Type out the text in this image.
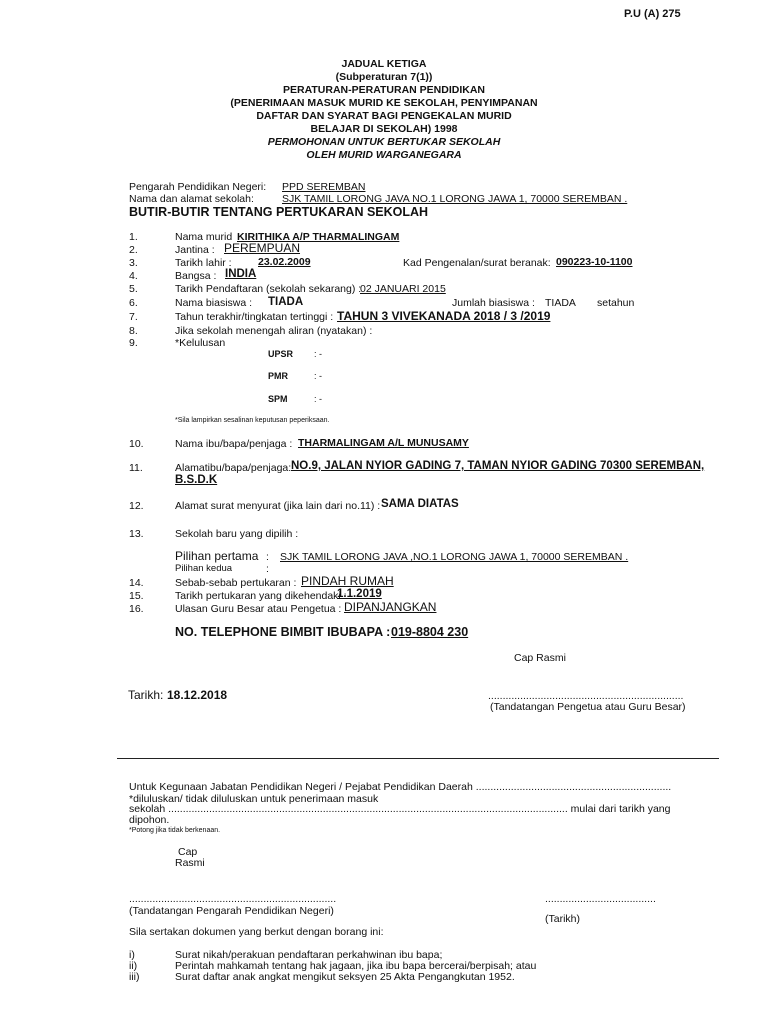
P.U (A) 275
JADUAL KETIGA
(Subperaturan 7(1))
PERATURAN-PERATURAN PENDIDIKAN
(PENERIMAAN MASUK MURID KE SEKOLAH, PENYIMPANAN
DAFTAR DAN SYARAT BAGI PENGEKALAN MURID
BELAJAR DI SEKOLAH) 1998
PERMOHONAN UNTUK BERTUKAR SEKOLAH
OLEH MURID WARGANEGARA
Pengarah Pendidikan Negeri: PPD SEREMBAN
Nama dan alamat sekolah:	SJK TAMIL LORONG JAVA NO.1 LORONG JAWA 1, 70000 SEREMBAN .
BUTIR-BUTIR TENTANG PERTUKARAN SEKOLAH
1.	Nama murid KIRITHIKA A/P THARMALINGAM
2.	Jantina : PEREMPUAN
3.	Tarikh lahir :	23.02.2009	Kad Pengenalan/surat beranak: 090223-10-1100
4.	Bangsa : INDIA
5.	Tarikh Pendaftaran (sekolah sekarang) :
02 JANUARI 2015
6.	Nama biasiswa : TIADA	Jumlah biasiswa : TIADA setahun
7.	Tahun terakhir/tingkatan tertinggi : TAHUN 3 VIVEKANADA 2018 / 3 /2019
8.	Jika sekolah menengah aliran (nyatakan) :
9.	*Kelulusan
UPSR : -
PMR	: -
SPM	: -
*Sila lampirkan sesalinan keputusan peperiksaan.
10.	Nama ibu/bapa/penjaga : THARMALINGAM A/L MUNUSAMY
11.	Alamatibu/bapa/penjaga: NO.9, JALAN NYIOR GADING 7, TAMAN NYIOR GADING 70300 SEREMBAN,
B.S.D.K
12.	Alamat surat menyurat (jika lain dari no.11) : SAMA DIATAS
13.	Sekolah baru yang dipilih :
Pilihan pertama : SJK TAMIL LORONG JAVA ,NO.1 LORONG JAWA 1, 70000 SEREMBAN .
Pilihan kedua	:
14.	Sebab-sebab pertukaran : PINDAH RUMAH
15.	Tarikh pertukaran yang dikehendaki :
1.1.2019
16.	Ulasan Guru Besar atau Pengetua : DIPANJANGKAN
NO. TELEPHONE BIMBIT IBUBAPA : 019-8804 230
Cap Rasmi
Tarikh: 18.12.2018	...................................................................
(Tandatangan Pengetua atau Guru Besar)
Untuk Kegunaan Jabatan Pendidikan Negeri / Pejabat Pendidikan Daerah ...................................................................
*diluluskan/ tidak diluluskan untuk penerimaan masuk
sekolah ......................................................................................................................................... mulai dari tarikh yang
dipohon.
*Potong jika tidak berkenaan.
Cap
Rasmi
.......................................................................
(Tandatangan Pengarah Pendidikan Negeri)
......................................
(Tarikh)
Sila sertakan dokumen yang berkut dengan borang ini:
i)	Surat nikah/perakuan pendaftaran perkahwinan ibu bapa;
ii)	Perintah mahkamah tentang hak jagaan, jika ibu bapa bercerai/berpisah; atau
iii)	Surat daftar anak angkat mengikut seksyen 25 Akta Pengangkutan 1952.
